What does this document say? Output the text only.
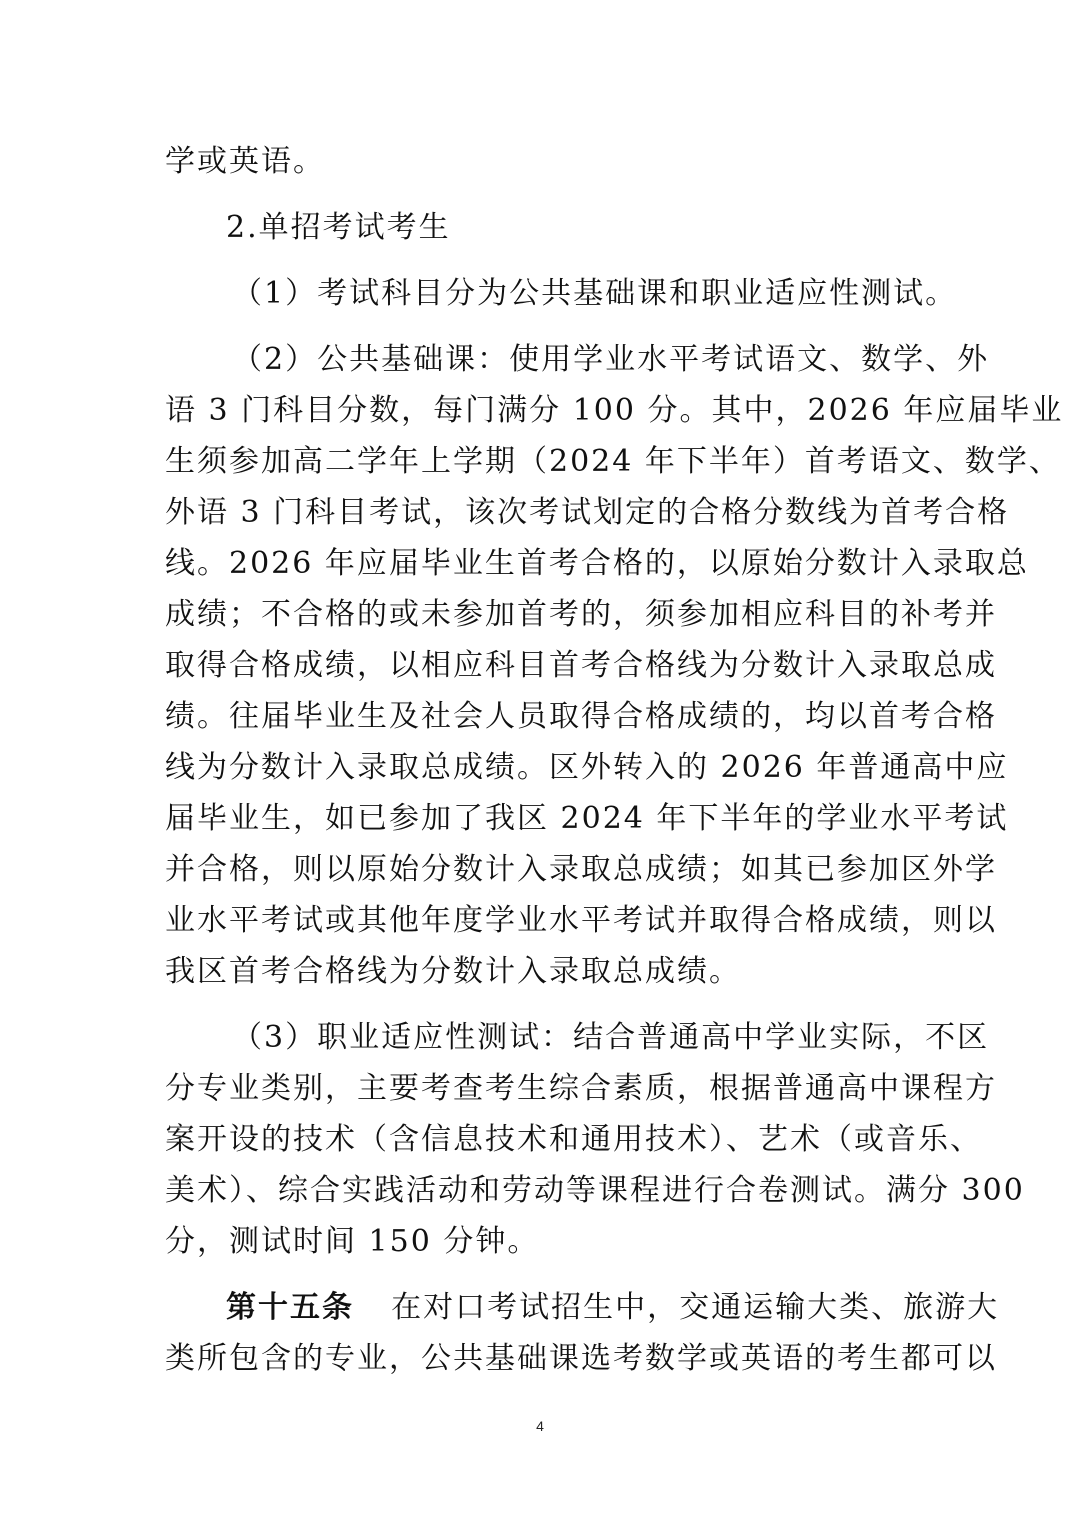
学或英语。
2.单招考试考生
（1）考试科目分为公共基础课和职业适应性测试。
（2）公共基础课：使用学业水平考试语文、数学、外
语 3 门科目分数，每门满分 100 分。其中，2026 年应届毕业
生须参加高二学年上学期（2024 年下半年）首考语文、数学、
外语 3 门科目考试，该次考试划定的合格分数线为首考合格
线。2026 年应届毕业生首考合格的，以原始分数计入录取总
成绩；不合格的或未参加首考的，须参加相应科目的补考并
取得合格成绩，以相应科目首考合格线为分数计入录取总成
绩。往届毕业生及社会人员取得合格成绩的，均以首考合格
线为分数计入录取总成绩。区外转入的 2026 年普通高中应
届毕业生，如已参加了我区 2024 年下半年的学业水平考试
并合格，则以原始分数计入录取总成绩；如其已参加区外学
业水平考试或其他年度学业水平考试并取得合格成绩，则以
我区首考合格线为分数计入录取总成绩。
（3）职业适应性测试：结合普通高中学业实际，不区
分专业类别，主要考查考生综合素质，根据普通高中课程方
案开设的技术（含信息技术和通用技术）、艺术（或音乐、
美术）、综合实践活动和劳动等课程进行合卷测试。满分 300
分，测试时间 150 分钟。
第十五条 在对口考试招生中，交通运输大类、旅游大
类所包含的专业，公共基础课选考数学或英语的考生都可以
4
